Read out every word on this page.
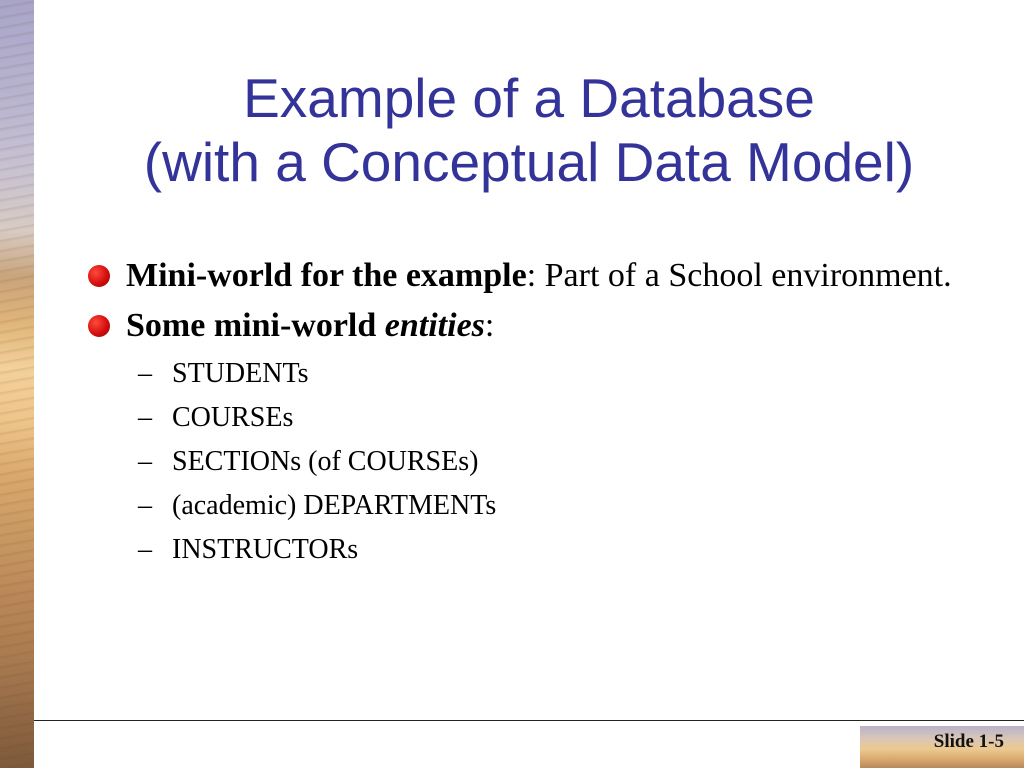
Example of a Database
(with a Conceptual Data Model)
Mini-world for the example: Part of a School environment.
Some mini-world entities:
– STUDENTs
– COURSEs
– SECTIONs (of COURSEs)
– (academic) DEPARTMENTs
– INSTRUCTORs
Slide 1-5
